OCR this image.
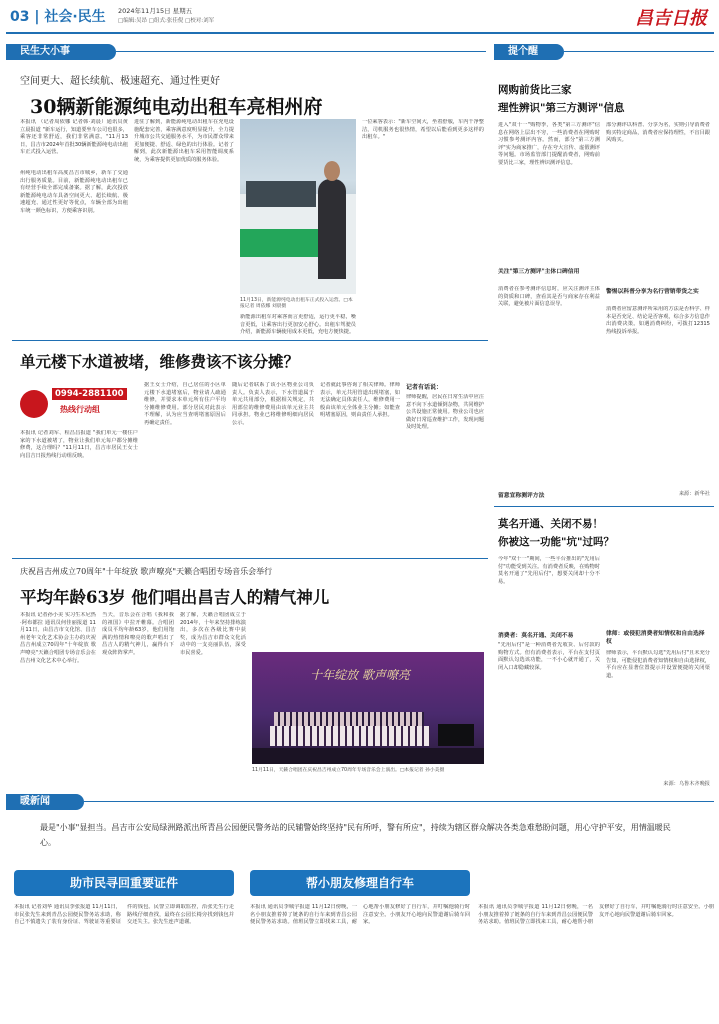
03 | 社会·民生 2024年11月15日 星期五
□编辑:吴昂 □组式:张佳倪 □校对:刘军	昌吉日报
民生大小事
空间更大、超长续航、极速超充、通过性更好
30辆新能源纯电动出租车亮相州府
本报讯 （记者周依娜 记者韩·刘晨）通讯员黄立晨报道 "新车运行，知道要坐车公司也很多，乘客还非常舒适，我们非常满意。"11月13日，昌吉市2024年首批30辆新能源纯电动出租车正式投入运营。
州纯电动出租车高度昌吉市城乡，新车了交通出行服务质量。目前，新能源纯电动出租车已有经营手续全部完成备案。据了解，此次投放新能源纯电动车具备空间更大、超长续航、极速超充、通过性更好等优点，车辆全部为出租车统一颜色标识，方便乘客识别。
进驻了解到，新能源纯电动出租车在充电设施配套完善，乘客满意度明显提升，全力提升城市公共交通服务水平，为市民群众带来更加便捷、舒适、绿色的出行体验。记者了解到，此次新能源出租车采用智能调度系统，为乘客提供更加优质的服务体验。
11月13日，新能源纯电动出租车正式投入运营。□本报记者 周依娜 刘晨摄
新能源出租车对乘客而言更舒适，运行更平稳，噪音更低，让乘客出行更加安心舒心。出租车驾驶员介绍，新能源车辆使用成本更低，充电方便快捷。
一位乘客表示："新车空间大，坐着舒服，车内干净整洁，司机服务也很热情，希望以后能看到更多这样的出租车。"
单元楼下水道被堵，维修费该不该分摊？
0994-2881100
热线行动组
本报讯 记者刘军、程昌昌报道 "我们单元一楼住户家的下水道被堵了，物业让我们单元每户都分摊维修费，这合理吗？"11月11日，昌吉市居民王女士向昌吉日报热线行动组反映。
据王女士介绍，自己居住的小区单元楼下水道堵塞后，物业请人疏通维修，并要求本单元所有住户平均分摊维修费用。部分居民对此表示不理解，认为应当查明堵塞原因后再确定责任。
随后记者联系了该小区物业公司负责人。负责人表示，下水管道属于单元共用部分，根据相关规定，共用部位的维修费用由该单元业主共同承担。物业已将维修明细向居民公示。
记者就此事咨询了相关律师。律师表示，单元共用管道出现堵塞，如无法确定具体责任人，维修费用一般由该单元全体业主分摊；如能查明堵塞原因，则由责任人承担。
记者有话说：
律师提醒，居民在日常生活中应注意不向下水道倾倒杂物，共同维护公共设施正常使用。物业公司也应做好日常巡查维护工作，发现问题及时处理。
庆祝昌吉州成立70周年"十年绽放 歌声嘹亮"天籁合唱团专场音乐会举行
平均年龄63岁 他们唱出昌吉人的精气神儿
本报讯 记者孙小美 实习生木尼热·阿布都拉 通讯员何佳丽报道 11月11日，由昌吉市文化馆、昌吉州老年文化艺术协会主办的庆祝昌吉州成立70周年"十年绽放 歌声嘹亮"天籁合唱团专场音乐会在昌吉州文化艺术中心举行。
当天，音乐会在合唱《我和我的祖国》中拉开帷幕。合唱团成员平均年龄63岁，他们用饱满的热情和嘹亮的歌声唱出了昌吉人的精气神儿，赢得台下观众阵阵掌声。
据了解，天籁合唱团成立于2014年，十年来坚持排练演出，多次在各级比赛中获奖，成为昌吉市群众文化活动中的一支亮丽队伍，深受市民喜爱。
十年绽放 歌声嘹亮
11月11日，天籁合唱团在庆祝昌吉州成立70周年专场音乐会上演出。□本报记者 孙小美摄
提个醒
网购前货比三家
理性辨识"第三方测评"信息
进入"双十一"购物季，各类"第三方测评"信息在网络上层出不穷，一些消费者在网购时习惯参考测评内容。然而，部分"第三方测评"实为商家推广，存在夸大宣传、虚假测评等问题。市场监管部门提醒消费者，网购前要货比三家，理性辨识测评信息。
关注"第三方测评"主体口碑信用
消费者在参考测评信息时，应关注测评主体的资质和口碑，查看其是否与商家存在利益关联，避免被片面信息误导。
部分测评以科普、分享为名，实则引导消费者购买特定商品，消费者应保持理性，不盲目跟风购买。
警惕以科普分享为名行营销带货之实
消费者应留意测评所采用的方法是否科学、样本是否充足、结论是否客观，综合多方信息作出消费决策。如遇消费纠纷，可拨打12315热线投诉举报。
留意宣称测评方法	来源：新华社
莫名开通、关闭不易！
你被这一功能"坑"过吗？
今年"双十一"期间，一些平台推出的"先用后付"功能受到关注。有消费者反映，在购物时莫名开通了"先用后付"，想要关闭却十分不易。
消费者：莫名开通、关闭不易
"先用后付"是一种消费者先收货、后付款的购物方式。但有消费者表示，平台在支付页面默认勾选该功能，一不小心就开通了，关闭入口却隐藏较深。
律师：或侵犯消费者知情权和自由选择权
律师表示，平台默认勾选"先用后付"且未充分告知，可能侵犯消费者知情权和自由选择权，平台应在显著位置提示并设置便捷的关闭渠道。
来源：乌鲁木齐晚报
暖新闻
最是"小事"显担当。昌吉市公安局绿洲路派出所青昌公园便民警务站的民辅警始终坚持"民有所呼，警有所应"，持续为辖区群众解决各类急难愁盼问题，用心守护平安，用情温暖民心。
助市民寻回重要证件	帮小朋友修理自行车
本报讯 记者刘华 通讯员李张报道 11月11日，市民张先生来到青昌公园便民警务站求助，称自己不慎遗失了装有身份证、驾驶证等重要证件的钱包。民警立即调取监控，沿张先生行走路线仔细查找，最终在公园长椅旁找到钱包并交还失主。张先生连声道谢。
本报讯 通讯员李城宇报道 11月12日傍晚，一名小朋友推着掉了链条的自行车来到青昌公园便民警务站求助。值班民警立即找来工具，耐心地帮小朋友修好了自行车，并叮嘱他骑行时注意安全。小朋友开心地向民警道谢后骑车回家。
本报讯 通讯员李城宇报道 11月12日傍晚，一名小朋友推着掉了链条的自行车来到青昌公园便民警务站求助。值班民警立即找来工具，耐心地帮小朋友修好了自行车，并叮嘱他骑行时注意安全。小朋友开心地向民警道谢后骑车回家。
